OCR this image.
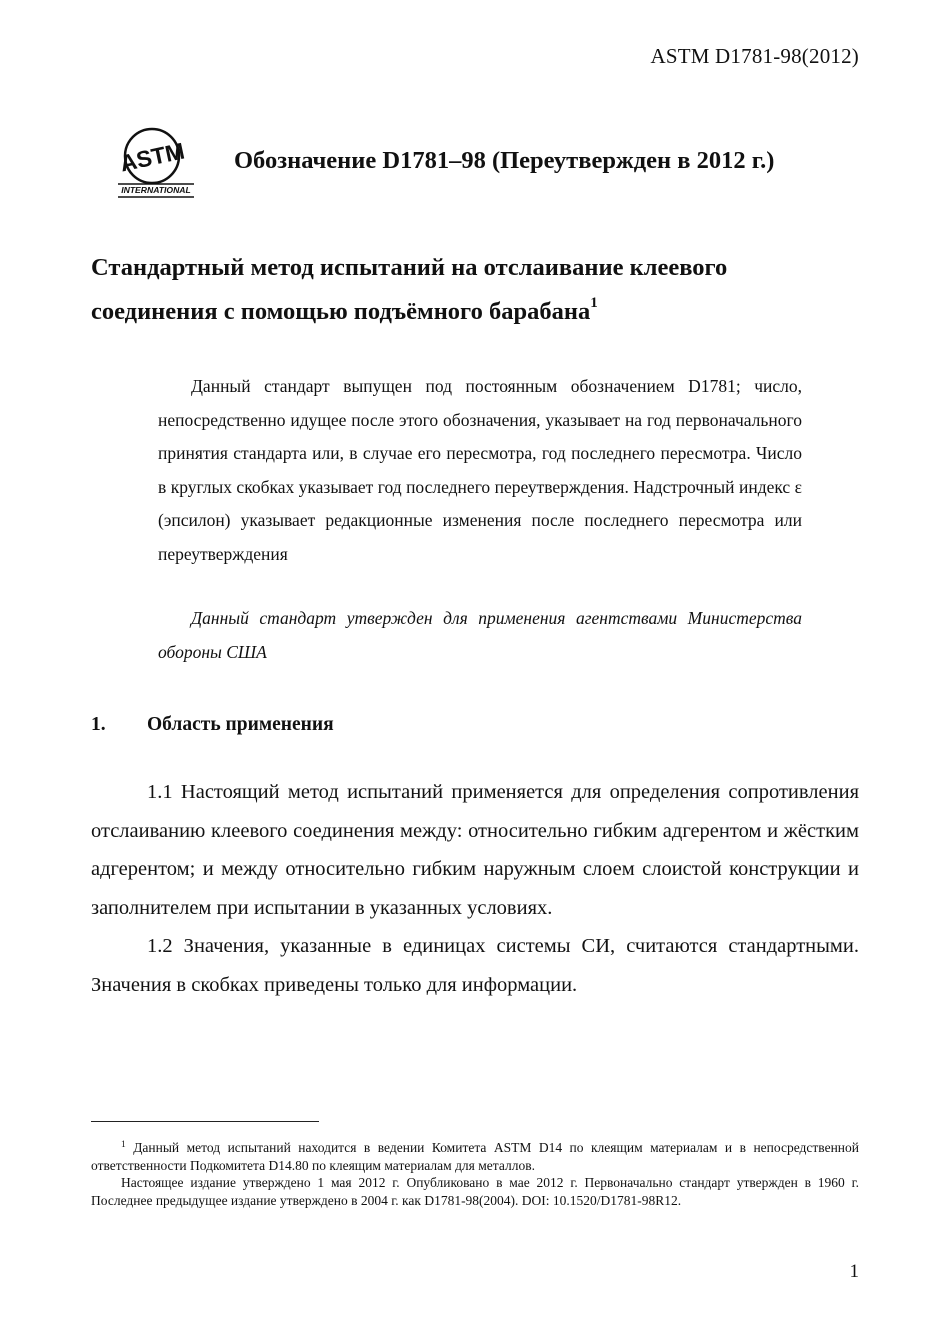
ASTM D1781-98(2012)
ASTM
INTERNATIONAL
Обозначение D1781–98 (Переутвержден в 2012 г.)
Стандартный метод испытаний на отслаивание клеевого
соединения с помощью подъёмного барабана$^1$

Данный стандарт выпущен под постоянным обозначением D1781; число, непосредственно идущее после этого обозначения, указывает на год первоначального принятия стандарта или, в случае его пересмотра, год последнего пересмотра. Число в круглых скобках указывает год последнего переутверждения. Надстрочный индекс ε (эпсилон) указывает редакционные изменения после последнего пересмотра или переутверждения

Данный стандарт утвержден для применения агентствами Министерства обороны США

1. Область применения

1.1 Настоящий метод испытаний применяется для определения сопротивления отслаиванию клеевого соединения между: относительно гибким адгерентом и жёстким адгерентом; и между относительно гибким наружным слоем слоистой конструкции и заполнителем при испытании в указанных условиях.

1.2 Значения, указанные в единицах системы СИ, считаются стандартными. Значения в скобках приведены только для информации.

$^1$ Данный метод испытаний находится в ведении Комитета ASTM D14 по клеящим материалам и в непосредственной ответственности Подкомитета D14.80 по клеящим материалам для металлов.

Настоящее издание утверждено 1 мая 2012 г. Опубликовано в мае 2012 г. Первоначально стандарт утвержден в 1960 г. Последнее предыдущее издание утверждено в 2004 г. как D1781-98(2004). DOI: 10.1520/D1781-98R12.

1
